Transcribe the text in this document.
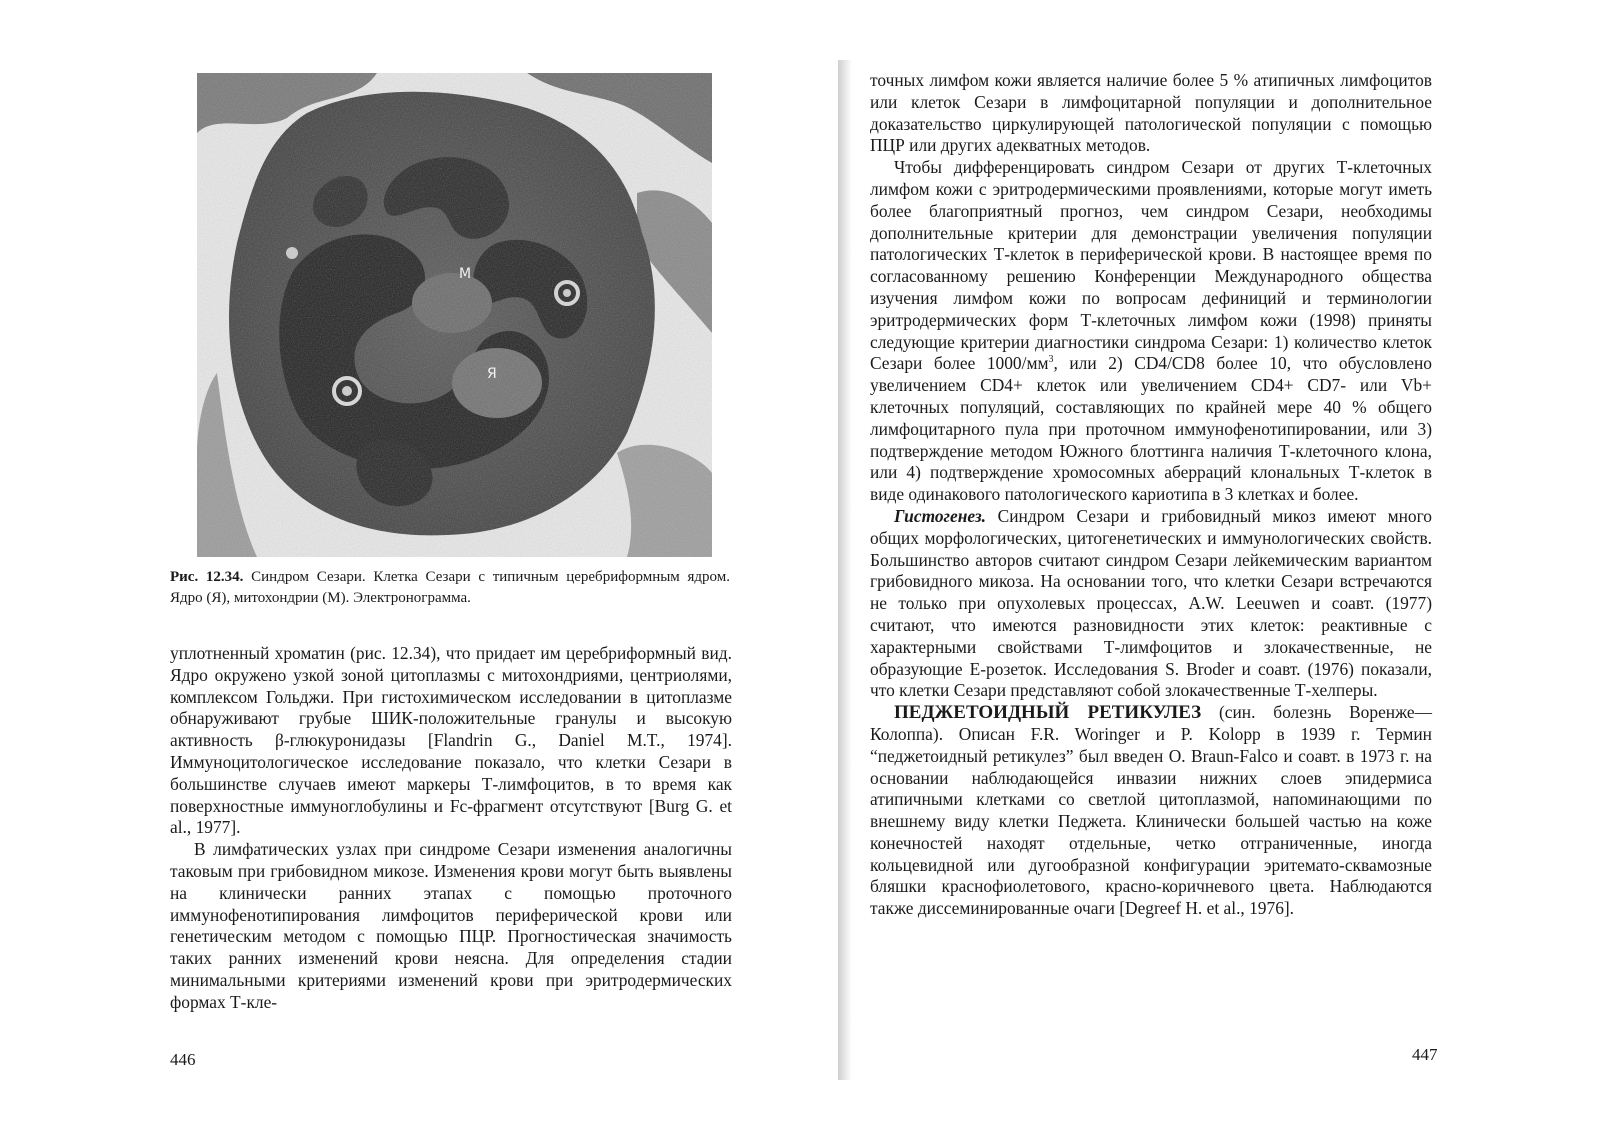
М
Я
Рис. 12.34. Синдром Сезари. Клетка Сезари с типичным церебриформным ядром. Ядро (Я), митохондрии (М). Электронограмма.

уплотненный хроматин (рис. 12.34), что придает им церебриформный вид. Ядро окружено узкой зоной цитоплазмы с митохондриями, центриолями, комплексом Гольджи. При гистохимическом исследовании в цитоплазме обнаруживают грубые ШИК-положительные гранулы и высокую активность β-глюкуронидазы [Flandrin G., Daniel M.T., 1974]. Иммуноцитологическое исследование показало, что клетки Сезари в большинстве случаев имеют маркеры Т-лимфоцитов, в то время как поверхностные иммуноглобулины и Fc-фрагмент отсутствуют [Burg G. et al., 1977].

В лимфатических узлах при синдроме Сезари изменения аналогичны таковым при грибовидном микозе. Изменения крови могут быть выявлены на клинически ранних этапах с помощью проточного иммунофенотипирования лимфоцитов периферической крови или генетическим методом с помощью ПЦР. Прогностическая значимость таких ранних изменений крови неясна. Для определения стадии минимальными критериями изменений крови при эритродермических формах Т-кле-

446

точных лимфом кожи является наличие более 5 % атипичных лимфоцитов или клеток Сезари в лимфоцитарной популяции и дополнительное доказательство циркулирующей патологической популяции с помощью ПЦР или других адекватных методов.

Чтобы дифференцировать синдром Сезари от других Т-клеточных лимфом кожи с эритродермическими проявлениями, которые могут иметь более благоприятный прогноз, чем синдром Сезари, необходимы дополнительные критерии для демонстрации увеличения популяции патологических Т-клеток в периферической крови. В настоящее время по согласованному решению Конференции Международного общества изучения лимфом кожи по вопросам дефиниций и терминологии эритродермических форм Т-клеточных лимфом кожи (1998) приняты следующие критерии диагностики синдрома Сезари: 1) количество клеток Сезари более $1000/мм^3$, или 2) CD4/CD8 более 10, что обусловлено увеличением CD4+ клеток или увеличением CD4+ CD7- или Vb+ клеточных популяций, составляющих по крайней мере 40 % общего лимфоцитарного пула при проточном иммунофенотипировании, или 3) подтверждение методом Южного блоттинга наличия Т-клеточного клона, или 4) подтверждение хромосомных аберраций клональных Т-клеток в виде одинакового патологического кариотипа в 3 клетках и более.

Гистогенез. Синдром Сезари и грибовидный микоз имеют много общих морфологических, цитогенетических и иммунологических свойств. Большинство авторов считают синдром Сезари лейкемическим вариантом грибовидного микоза. На основании того, что клетки Сезари встречаются не только при опухолевых процессах, A.W. Leeuwen и соавт. (1977) считают, что имеются разновидности этих клеток: реактивные с характерными свойствами Т-лимфоцитов и злокачественные, не образующие Е-розеток. Исследования S. Broder и соавт. (1976) показали, что клетки Сезари представляют собой злокачественные Т-хелперы.

ПЕДЖЕТОИДНЫЙ РЕТИКУЛЕЗ (син. болезнь Воренже—Колоппа). Описан F.R. Woringer и P. Kolopp в 1939 г. Термин “педжетоидный ретикулез” был введен O. Braun-Falco и соавт. в 1973 г. на основании наблюдающейся инвазии нижних слоев эпидермиса атипичными клетками со светлой цитоплазмой, напоминающими по внешнему виду клетки Педжета. Клинически большей частью на коже конечностей находят отдельные, четко отграниченные, иногда кольцевидной или дугообразной конфигурации эритемато-сквамозные бляшки краснофиолетового, красно-коричневого цвета. Наблюдаются также диссеминированные очаги [Degreef H. et al., 1976].

447
